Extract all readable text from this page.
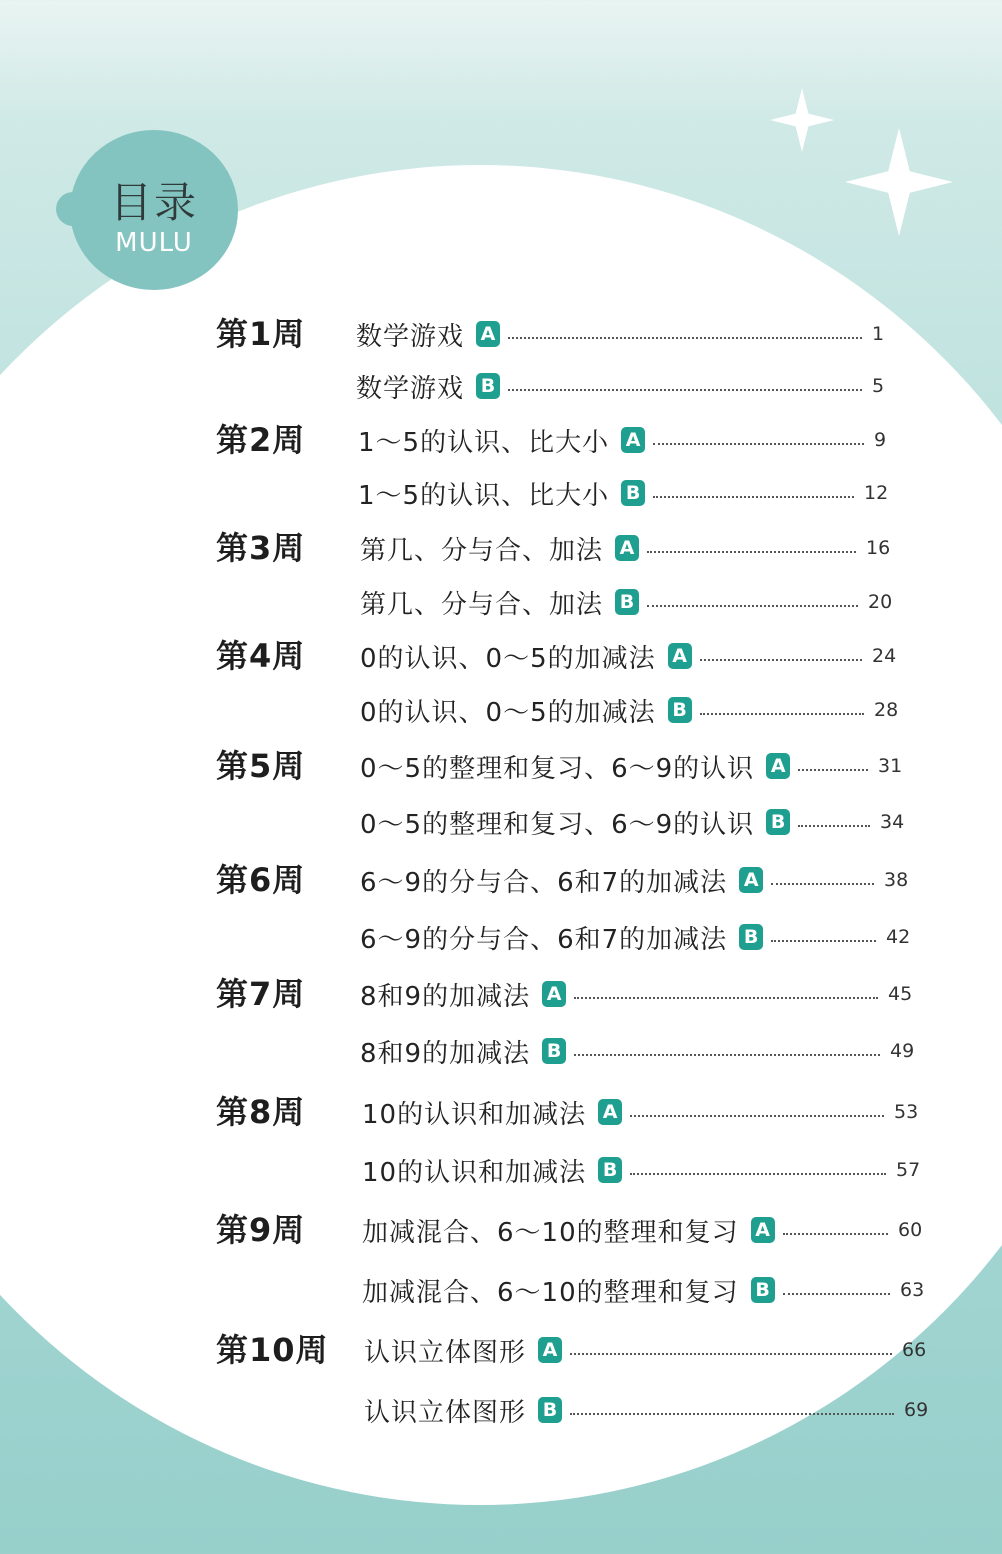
目录
MULU
第1周 数学游戏 A	1
数学游戏 B	5
第2周 1～5的认识、比大小 A	9
1～5的认识、比大小 B	12
第3周 第几、分与合、加法 A	16
第几、分与合、加法 B	20
第4周 0的认识、0～5的加减法 A	24
0的认识、0～5的加减法 B	28
第5周 0～5的整理和复习、6～9的认识 A	31
0～5的整理和复习、6～9的认识 B	34
第6周 6～9的分与合、6和7的加减法 A	38
6～9的分与合、6和7的加减法 B	42
第7周 8和9的加减法 A	45
8和9的加减法 B	49
第8周 10的认识和加减法 A	53
10的认识和加减法 B	57
第9周 加减混合、6～10的整理和复习 A	60
加减混合、6～10的整理和复习 B	63
第10周 认识立体图形 A	66
认识立体图形 B	69
